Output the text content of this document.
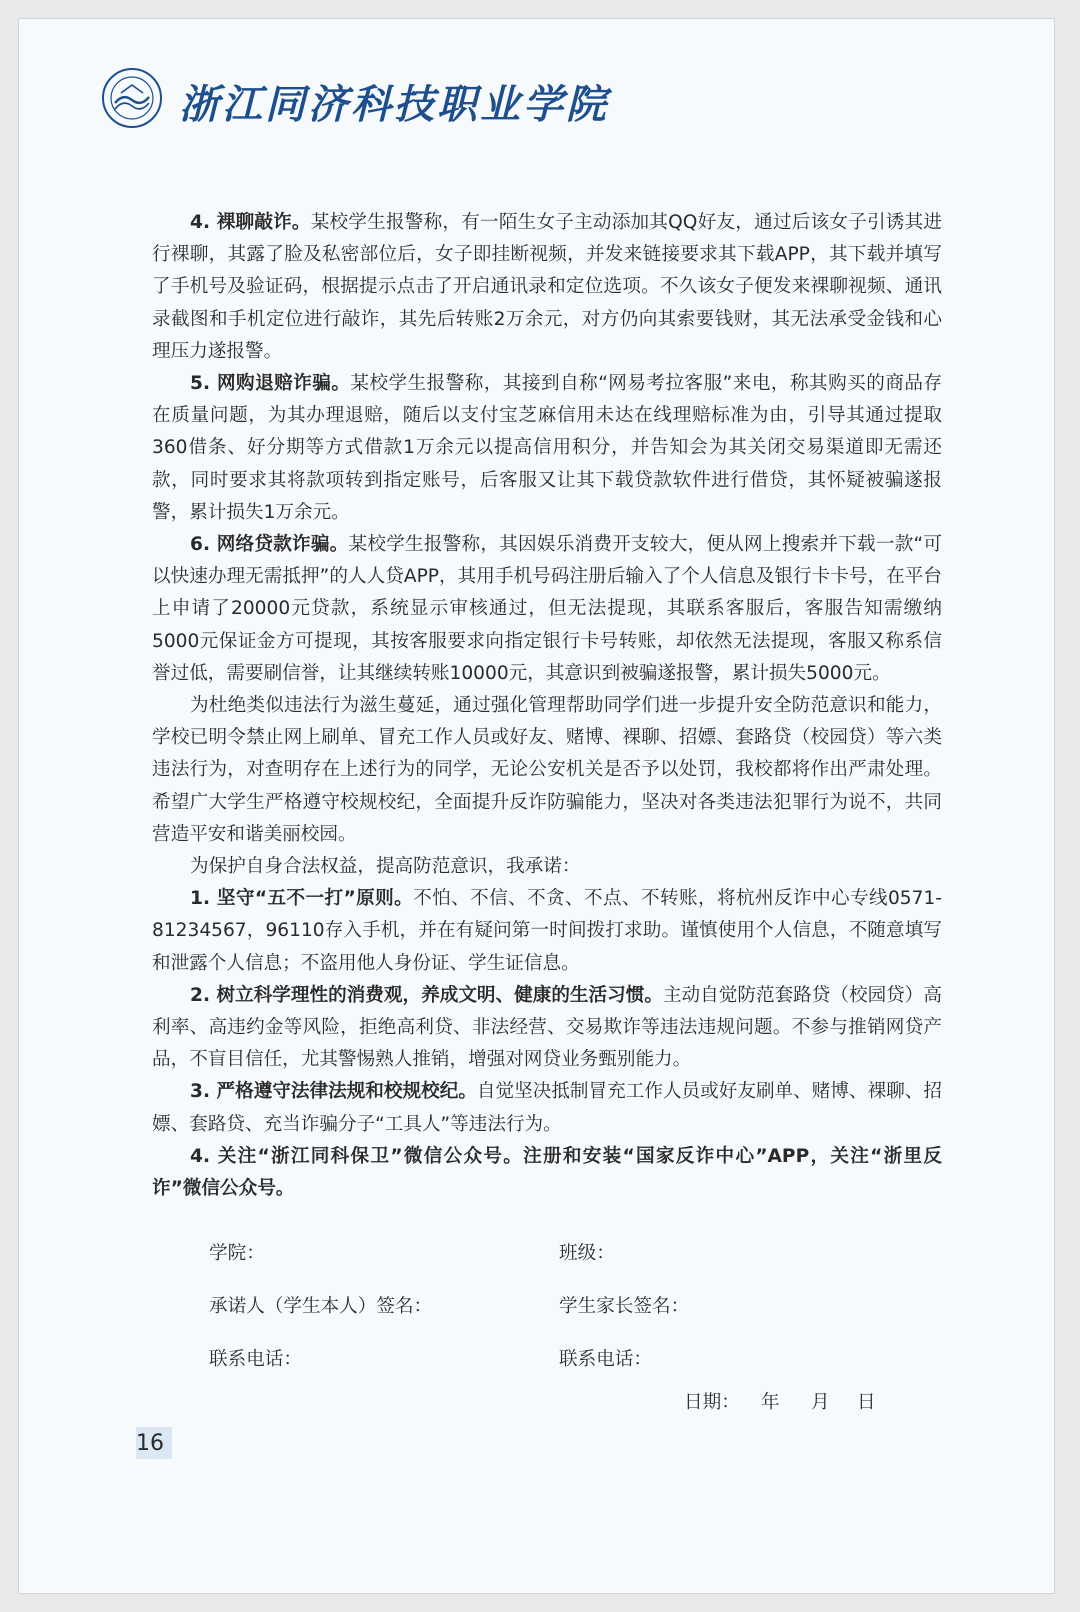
浙江同济科技职业学院

4. 裸聊敲诈。某校学生报警称，有一陌生女子主动添加其QQ好友，通过后该女子引诱其进行裸聊，其露了脸及私密部位后，女子即挂断视频，并发来链接要求其下载APP，其下载并填写了手机号及验证码，根据提示点击了开启通讯录和定位选项。不久该女子便发来裸聊视频、通讯录截图和手机定位进行敲诈，其先后转账2万余元，对方仍向其索要钱财，其无法承受金钱和心理压力遂报警。

5. 网购退赔诈骗。某校学生报警称，其接到自称“网易考拉客服”来电，称其购买的商品存在质量问题，为其办理退赔，随后以支付宝芝麻信用未达在线理赔标准为由，引导其通过提取360借条、好分期等方式借款1万余元以提高信用积分，并告知会为其关闭交易渠道即无需还款，同时要求其将款项转到指定账号，后客服又让其下载贷款软件进行借贷，其怀疑被骗遂报警，累计损失1万余元。

6. 网络贷款诈骗。某校学生报警称，其因娱乐消费开支较大，便从网上搜索并下载一款“可以快速办理无需抵押”的人人贷APP，其用手机号码注册后输入了个人信息及银行卡卡号，在平台上申请了20000元贷款，系统显示审核通过，但无法提现，其联系客服后，客服告知需缴纳5000元保证金方可提现，其按客服要求向指定银行卡号转账，却依然无法提现，客服又称系信誉过低，需要刷信誉，让其继续转账10000元，其意识到被骗遂报警，累计损失5000元。

为杜绝类似违法行为滋生蔓延，通过强化管理帮助同学们进一步提升安全防范意识和能力，学校已明令禁止网上刷单、冒充工作人员或好友、赌博、裸聊、招嫖、套路贷（校园贷）等六类违法行为，对查明存在上述行为的同学，无论公安机关是否予以处罚，我校都将作出严肃处理。希望广大学生严格遵守校规校纪，全面提升反诈防骗能力，坚决对各类违法犯罪行为说不，共同营造平安和谐美丽校园。

为保护自身合法权益，提高防范意识，我承诺：

1. 坚守“五不一打”原则。不怕、不信、不贪、不点、不转账，将杭州反诈中心专线0571-81234567，96110存入手机，并在有疑问第一时间拨打求助。谨慎使用个人信息，不随意填写和泄露个人信息；不盗用他人身份证、学生证信息。

2. 树立科学理性的消费观，养成文明、健康的生活习惯。主动自觉防范套路贷（校园贷）高利率、高违约金等风险，拒绝高利贷、非法经营、交易欺诈等违法违规问题。不参与推销网贷产品，不盲目信任，尤其警惕熟人推销，增强对网贷业务甄别能力。

3. 严格遵守法律法规和校规校纪。自觉坚决抵制冒充工作人员或好友刷单、赌博、裸聊、招嫖、套路贷、充当诈骗分子“工具人”等违法行为。

4. 关注“浙江同科保卫”微信公众号。注册和安装“国家反诈中心”APP，关注“浙里反诈”微信公众号。

学院：	班级：
承诺人（学生本人）签名：	学生家长签名：
联系电话：	联系电话：
日期： 年 月 日
16
